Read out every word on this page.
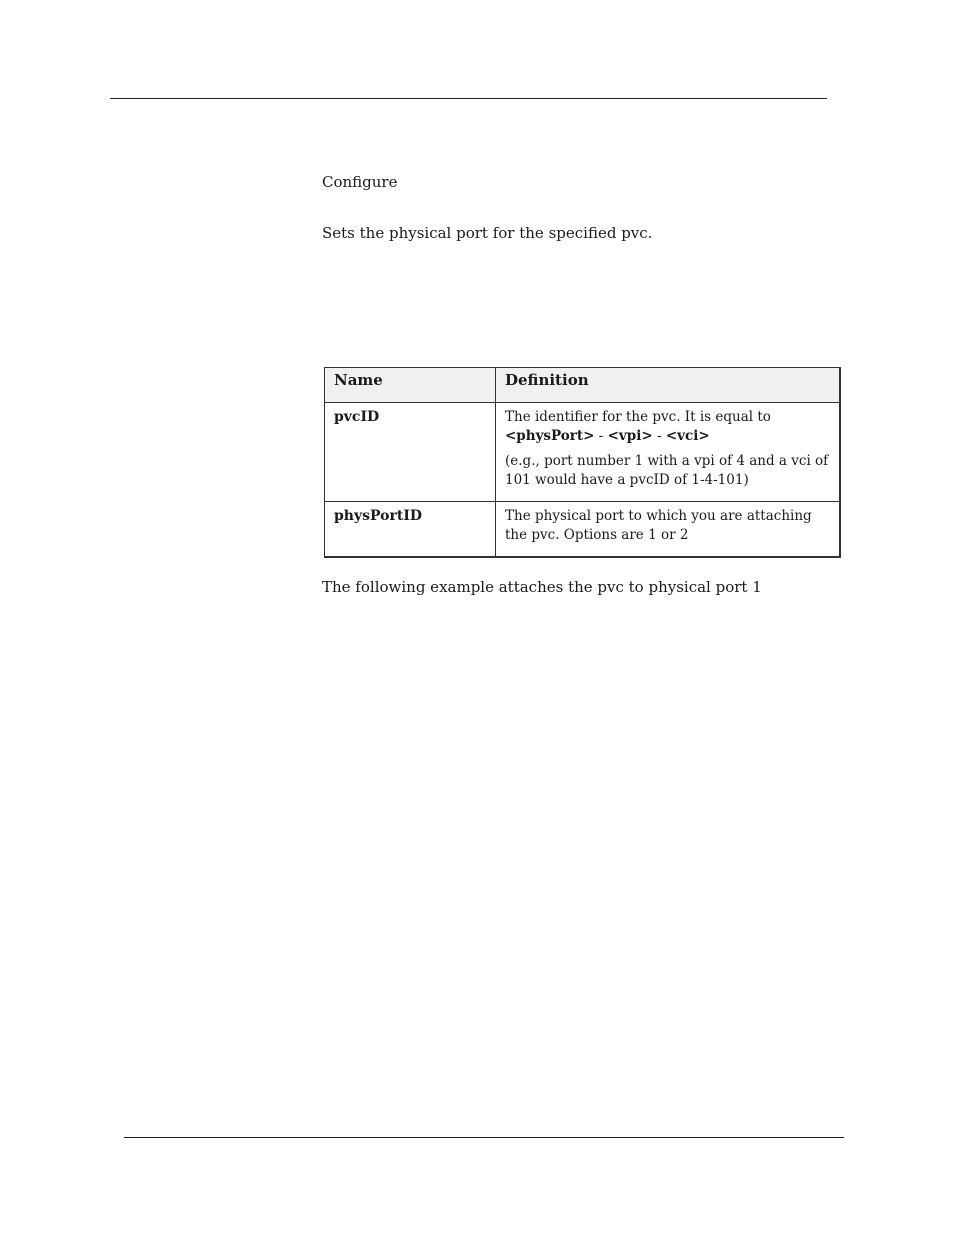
Configure
Sets the physical port for the specified pvc.
Name	Definition
pvcID	The identifier for the pvc. It is equal to
<physPort> - <vpi> - <vci>

(e.g., port number 1 with a vpi of 4 and a vci of 101 would have a pvcID of 1-4-101)

physPortID	The physical port to which you are attaching the pvc. Options are 1 or 2

The following example attaches the pvc to physical port 1
